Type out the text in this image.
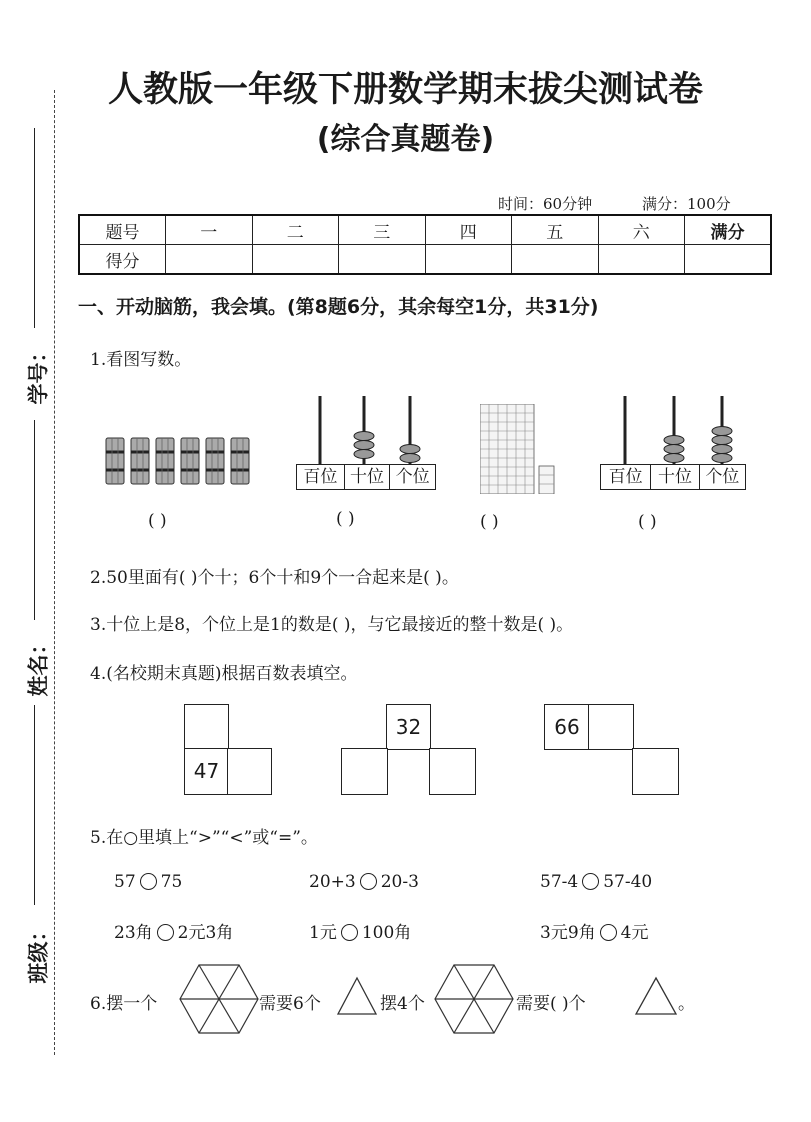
学号：
姓名：
班级：
人教版一年级下册数学期末拔尖测试卷
(综合真题卷)
时间：60分钟	满分：100分
题号	一	二	三	四	五	六	满分
得分							
一、开动脑筋，我会填。(第8题6分，其余每空1分，共31分)
1.看图写数。
百位 十位 个位	百位 十位 个位
( )	( )	( )	( )
2.50里面有( )个十；6个十和9个一合起来是( )。
3.十位上是8，个位上是1的数是( )，与它最接近的整十数是( )。
4.(名校期末真题)根据百数表填空。
47
32	66
5.在○里填上“>”“<”或“=”。
57 75	20+3 20-3	57-4 57-40
23角 2元3角	1元 100角	3元9角 4元
6.摆一个	需要6个	摆4个	需要( )个	。
